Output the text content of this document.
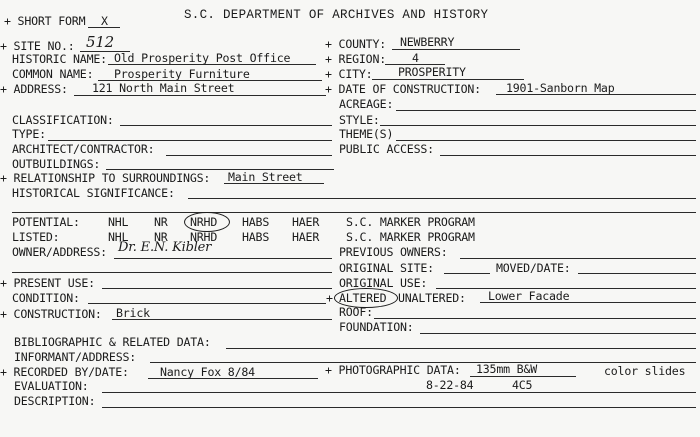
+ SHORT FORM X	S.C. DEPARTMENT OF ARCHIVES AND HISTORY
+ SITE NO.: 512	+ COUNTY: NEWBERRY
HISTORIC NAME: Old Prosperity Post Office	+ REGION: 4
COMMON NAME: Prosperity Furniture	+ CITY: PROSPERITY
+ ADDRESS: 121 North Main Street	+ DATE OF CONSTRUCTION: 1901-Sanborn Map
ACREAGE:
CLASSIFICATION:	STYLE:
TYPE:	THEME(S)
ARCHITECT/CONTRACTOR:	PUBLIC ACCESS:
OUTBUILDINGS:
+ RELATIONSHIP TO SURROUNDINGS: Main Street
HISTORICAL SIGNIFICANCE:
POTENTIAL: NHL NR NRHD HABS HAER S.C. MARKER PROGRAM
LISTED:	NHL NR NRHD HABS HAER S.C. MARKER PROGRAM
OWNER/ADDRESS: Dr. E.N. Kibler	PREVIOUS OWNERS:
ORIGINAL SITE:	MOVED/DATE:
+ PRESENT USE:	ORIGINAL USE:
CONDITION:	+ ALTERED UNALTERED: Lower Facade
+ CONSTRUCTION: Brick	ROOF:
FOUNDATION:
BIBLIOGRAPHIC & RELATED DATA:
INFORMANT/ADDRESS:
+ RECORDED BY/DATE:	Nancy Fox 8/84	+ PHOTOGRAPHIC DATA: 135mm B&W	color slides
EVALUATION:	8-22-84	4C5
DESCRIPTION:
